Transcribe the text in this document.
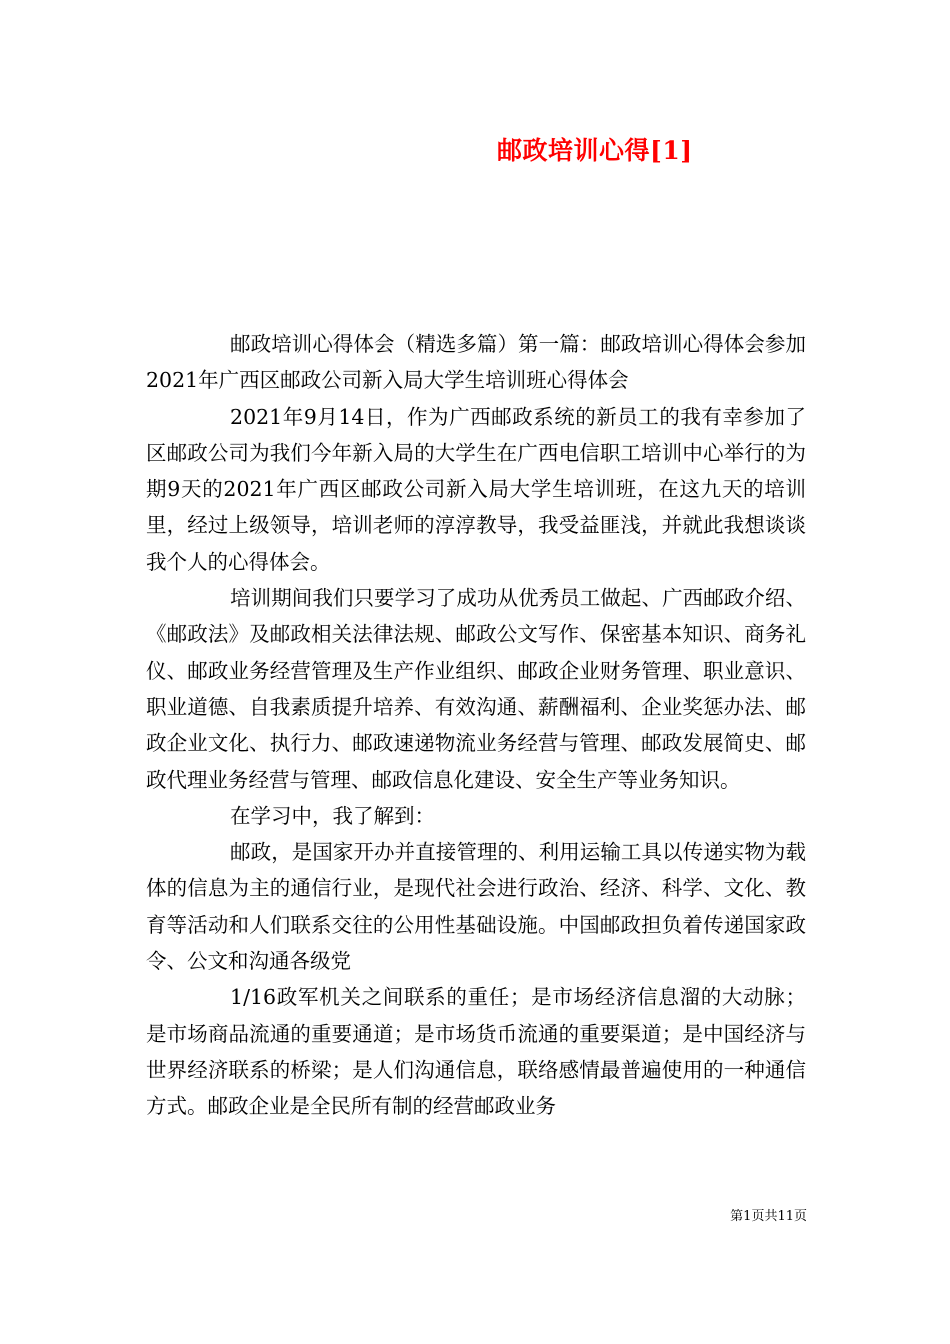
邮政培训心得[1]

邮政培训心得体会（精选多篇）第一篇：邮政培训心得体会参加2021年广西区邮政公司新入局大学生培训班心得体会

2021年9月14日，作为广西邮政系统的新员工的我有幸参加了区邮政公司为我们今年新入局的大学生在广西电信职工培训中心举行的为期9天的2021年广西区邮政公司新入局大学生培训班，在这九天的培训里，经过上级领导，培训老师的淳淳教导，我受益匪浅，并就此我想谈谈我个人的心得体会。

培训期间我们只要学习了成功从优秀员工做起、广西邮政介绍、《邮政法》及邮政相关法律法规、邮政公文写作、保密基本知识、商务礼仪、邮政业务经营管理及生产作业组织、邮政企业财务管理、职业意识、职业道德、自我素质提升培养、有效沟通、薪酬福利、企业奖惩办法、邮政企业文化、执行力、邮政速递物流业务经营与管理、邮政发展简史、邮政代理业务经营与管理、邮政信息化建设、安全生产等业务知识。

在学习中，我了解到：

邮政，是国家开办并直接管理的、利用运输工具以传递实物为载体的信息为主的通信行业，是现代社会进行政治、经济、科学、文化、教育等活动和人们联系交往的公用性基础设施。中国邮政担负着传递国家政令、公文和沟通各级党

1/16政军机关之间联系的重任；是市场经济信息溜的大动脉；是市场商品流通的重要通道；是市场货币流通的重要渠道；是中国经济与世界经济联系的桥梁；是人们沟通信息，联络感情最普遍使用的一种通信方式。邮政企业是全民所有制的经营邮政业务

第1页共11页
